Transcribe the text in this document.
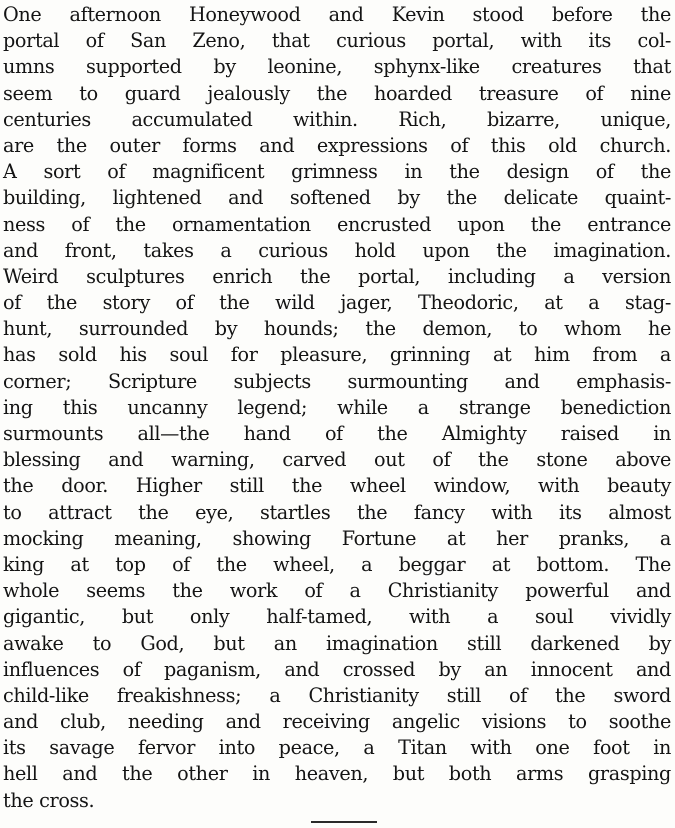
One afternoon Honeywood and Kevin stood before the
portal of San Zeno, that curious portal, with its col-
umns supported by leonine, sphynx-like creatures that
seem to guard jealously the hoarded treasure of nine
centuries accumulated within. Rich, bizarre, unique,
are the outer forms and expressions of this old church.
A sort of magnificent grimness in the design of the
building, lightened and softened by the delicate quaint-
ness of the ornamentation encrusted upon the entrance
and front, takes a curious hold upon the imagination.
Weird sculptures enrich the portal, including a version
of the story of the wild jager, Theodoric, at a stag-
hunt, surrounded by hounds; the demon, to whom he
has sold his soul for pleasure, grinning at him from a
corner; Scripture subjects surmounting and emphasis-
ing this uncanny legend; while a strange benediction
surmounts all—the hand of the Almighty raised in
blessing and warning, carved out of the stone above
the door. Higher still the wheel window, with beauty
to attract the eye, startles the fancy with its almost
mocking meaning, showing Fortune at her pranks, a
king at top of the wheel, a beggar at bottom. The
whole seems the work of a Christianity powerful and
gigantic, but only half-tamed, with a soul vividly
awake to God, but an imagination still darkened by
influences of paganism, and crossed by an innocent and
child-like freakishness; a Christianity still of the sword
and club, needing and receiving angelic visions to soothe
its savage fervor into peace, a Titan with one foot in
hell and the other in heaven, but both arms grasping
the cross.
